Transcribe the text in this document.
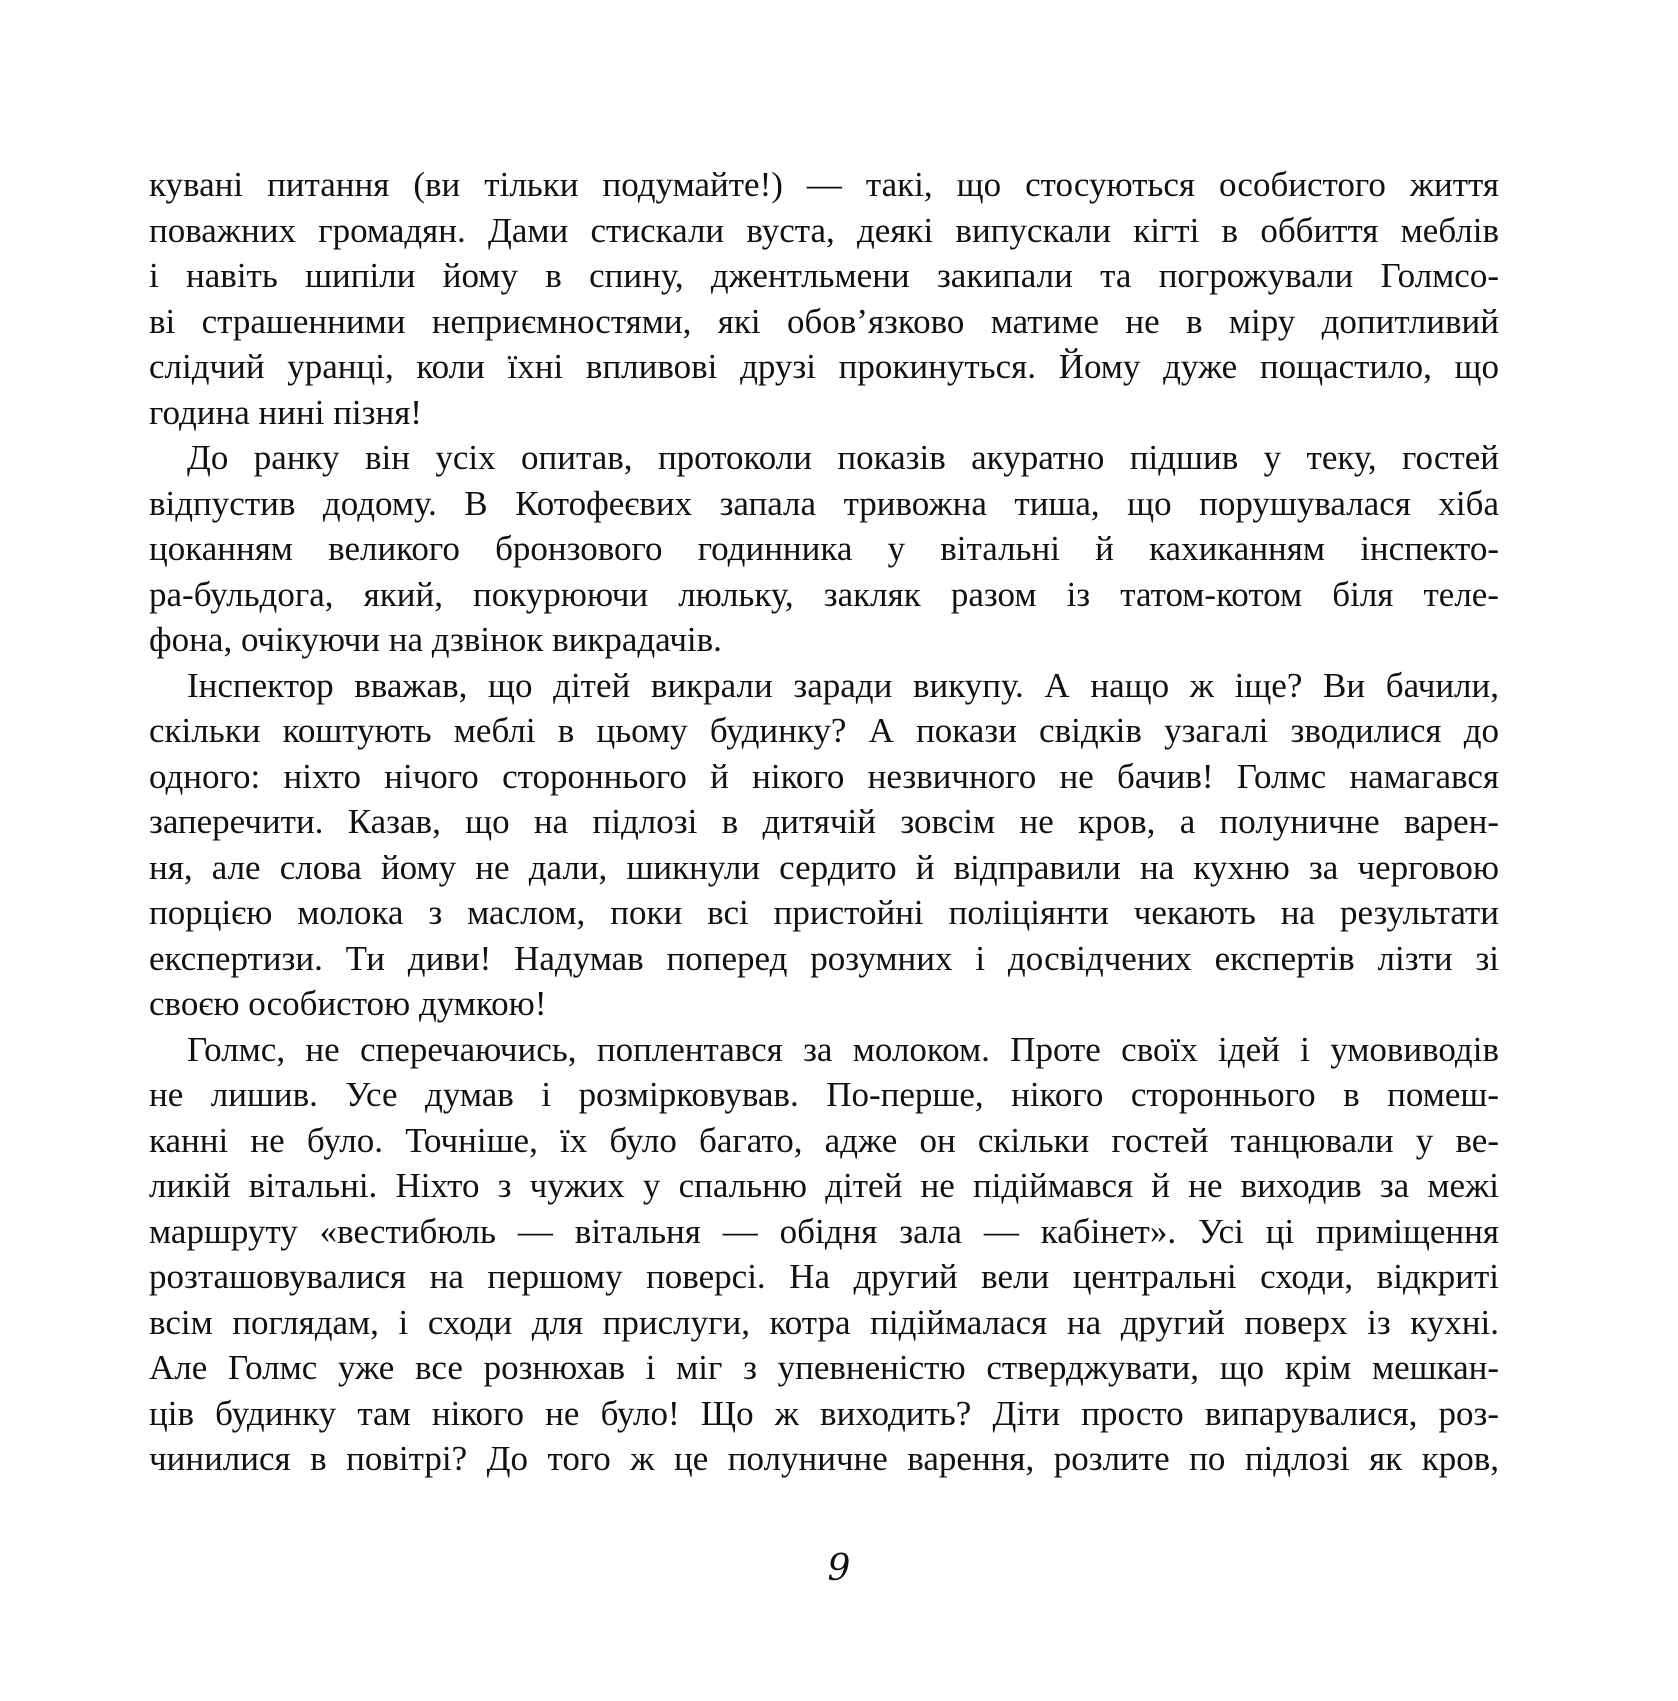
кувані питання (ви тільки подумайте!) — такі, що стосуються особистого життя
поважних громадян. Дами стискали вуста, деякі випускали кігті в оббиття меблів
і навіть шипіли йому в спину, джентльмени закипали та погрожували Голмсо-
ві страшенними неприємностями, які обов’язково матиме не в міру допитливий
слідчий уранці, коли їхні впливові друзі прокинуться. Йому дуже пощастило, що
година нині пізня!
До ранку він усіх опитав, протоколи показів акуратно підшив у теку, гостей
відпустив додому. В Котофеєвих запала тривожна тиша, що порушувалася хіба
цоканням великого бронзового годинника у вітальні й кахиканням інспекто-
ра-бульдога, який, покурюючи люльку, закляк разом із татом-котом біля теле-
фона, очікуючи на дзвінок викрадачів.
Інспектор вважав, що дітей викрали заради викупу. А нащо ж іще? Ви бачили,
скільки коштують меблі в цьому будинку? А покази свідків узагалі зводилися до
одного: ніхто нічого стороннього й нікого незвичного не бачив! Голмс намагався
заперечити. Казав, що на підлозі в дитячій зовсім не кров, а полуничне варен-
ня, але слова йому не дали, шикнули сердито й відправили на кухню за черговою
порцією молока з маслом, поки всі пристойні поліціянти чекають на результати
експертизи. Ти диви! Надумав поперед розумних і досвідчених експертів лізти зі
своєю особистою думкою!
Голмс, не сперечаючись, поплентався за молоком. Проте своїх ідей і умовиводів
не лишив. Усе думав і розмірковував. По-перше, нікого стороннього в помеш-
канні не було. Точніше, їх було багато, адже он скільки гостей танцювали у ве-
ликій вітальні. Ніхто з чужих у спальню дітей не підіймався й не виходив за межі
маршруту «вестибюль — вітальня — обідня зала — кабінет». Усі ці приміщення
розташовувалися на першому поверсі. На другий вели центральні сходи, відкриті
всім поглядам, і сходи для прислуги, котра підіймалася на другий поверх із кухні.
Але Голмс уже все рознюхав і міг з упевненістю стверджувати, що крім мешкан-
ців будинку там нікого не було! Що ж виходить? Діти просто випарувалися, роз-
чинилися в повітрі? До того ж це полуничне варення, розлите по підлозі як кров,
9
